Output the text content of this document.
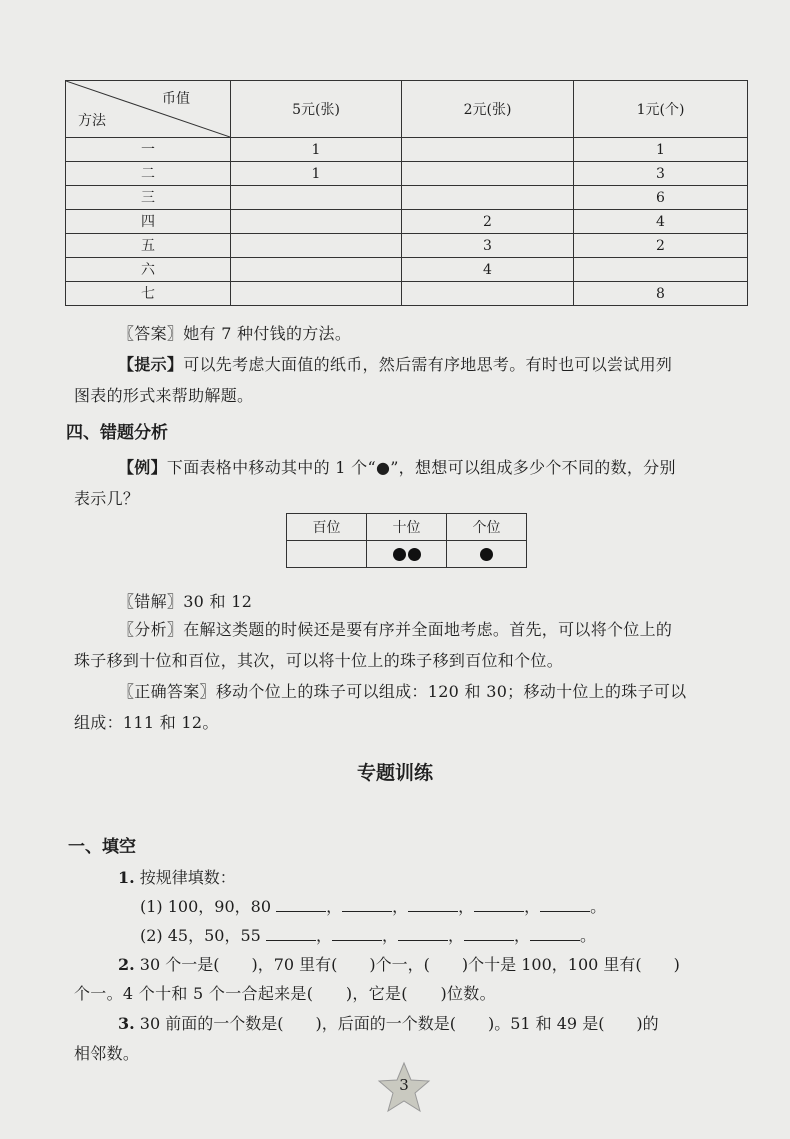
币值
方法	5元(张)	2元(张)	1元(个)
一	1		1
二	1		3
三			6
四		2	4
五		3	2
六		4	
七			8
〖答案〗她有 7 种付钱的方法。
【提示】可以先考虑大面值的纸币，然后需有序地思考。有时也可以尝试用列
图表的形式来帮助解题。
四、错题分析
【例】下面表格中移动其中的 1 个“●”，想想可以组成多少个不同的数，分别
表示几？
百位	十位	个位

〖错解〗30 和 12
〖分析〗在解这类题的时候还是要有序并全面地考虑。首先，可以将个位上的
珠子移到十位和百位，其次，可以将十位上的珠子移到百位和个位。
〖正确答案〗移动个位上的珠子可以组成：120 和 30；移动十位上的珠子可以
组成：111 和 12。
专题训练
一、填空
1. 按规律填数：
(1) 100，90，80	，	，	，	，	。
(2) 45，50，55	，	，	，	，	。
2. 30 个一是(　　)，70 里有(　　)个一，(　　)个十是 100，100 里有(　　)
个一。4 个十和 5 个一合起来是(　　)，它是(　　)位数。
3. 30 前面的一个数是(　　)，后面的一个数是(　　)。51 和 49 是(　　)的
相邻数。
3
